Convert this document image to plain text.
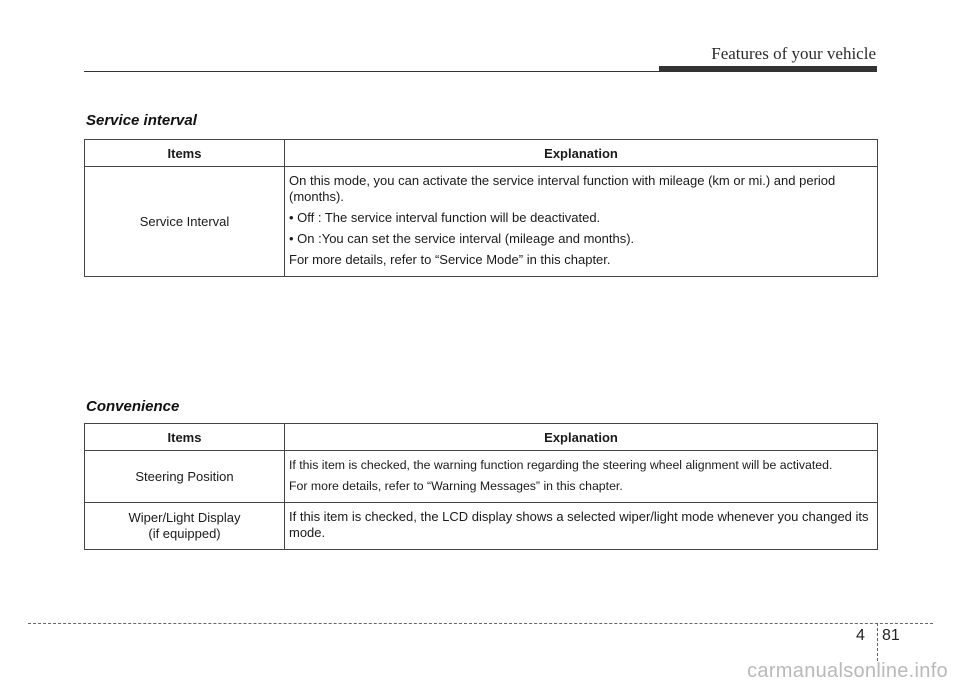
Features of your vehicle
Service interval
Items	Explanation
Service Interval	On this mode, you can activate the service interval function with mileage (km or mi.) and period (months).

• Off : The service interval function will be deactivated.

• On :You can set the service interval (mileage and months).

For more details, refer to “Service Mode” in this chapter.

Convenience
Items	Explanation
Steering Position	If this item is checked, the warning function regarding the steering wheel alignment will be activated.

For more details, refer to “Warning Messages” in this chapter.

Wiper/Light Display
(if equipped)	If this item is checked, the LCD display shows a selected wiper/light mode whenever you changed its mode.

4 81
carmanualsonline.info
